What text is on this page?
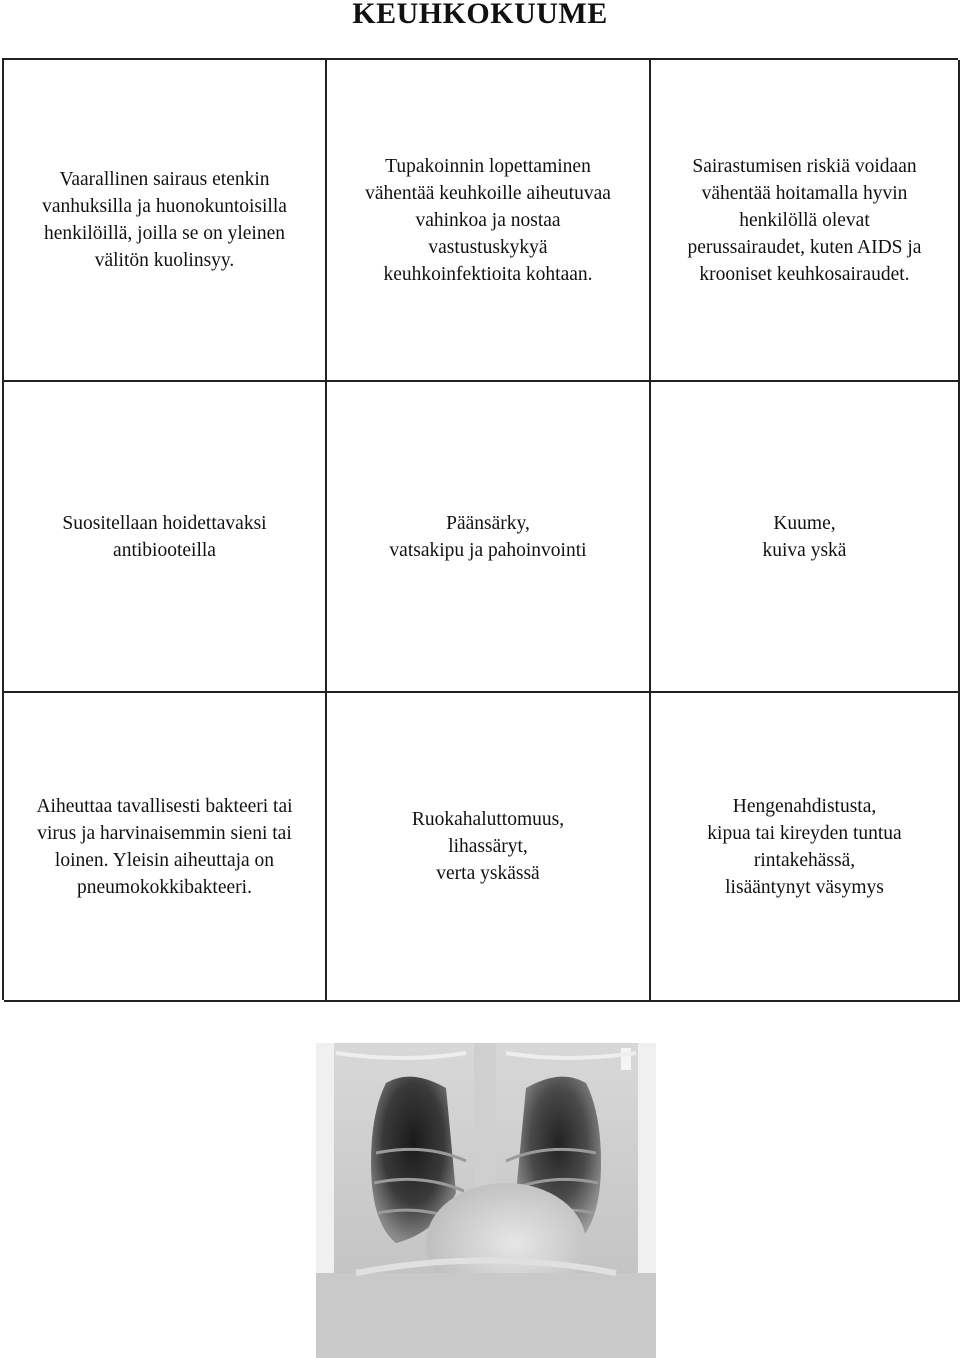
KEUHKOKUUME
Vaarallinen sairaus etenkin
vanhuksilla ja huonokuntoisilla
henkilöillä, joilla se on yleinen
välitön kuolinsyy.
Tupakoinnin lopettaminen
vähentää keuhkoille aiheutuvaa
vahinkoa ja nostaa
vastustuskykyä
keuhkoinfektioita kohtaan.
Sairastumisen riskiä voidaan
vähentää hoitamalla hyvin
henkilöllä olevat
perussairaudet, kuten AIDS ja
krooniset keuhkosairaudet.
Suositellaan hoidettavaksi
antibiooteilla
Päänsärky,
vatsakipu ja pahoinvointi
Kuume,
kuiva yskä
Aiheuttaa tavallisesti bakteeri tai
virus ja harvinaisemmin sieni tai
loinen. Yleisin aiheuttaja on
pneumokokkibakteeri.
Ruokahaluttomuus,
lihassäryt,
verta yskässä
Hengenahdistusta,
kipua tai kireyden tuntua
rintakehässä,
lisääntynyt väsymys
